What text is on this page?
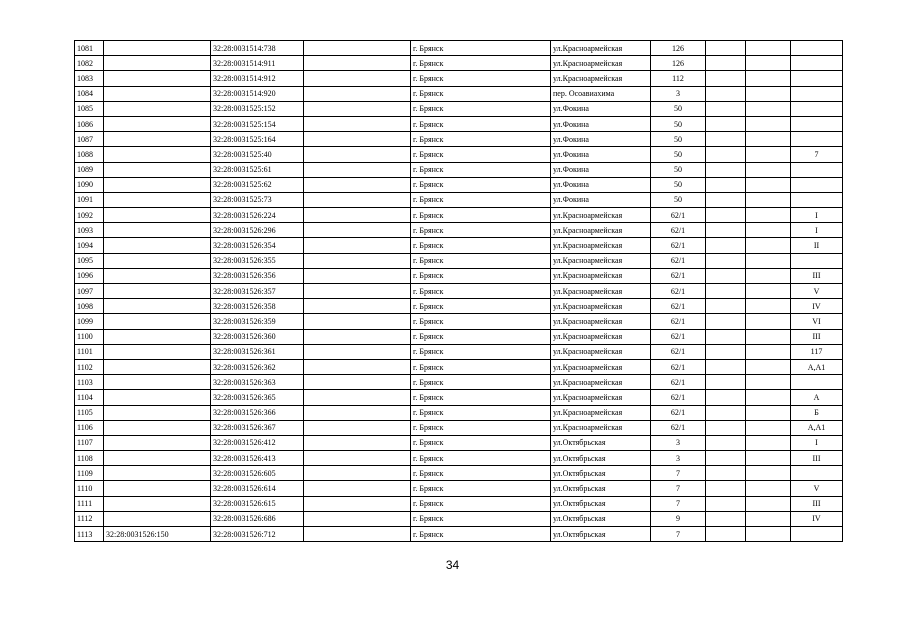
1081		32:28:0031514:738		г. Брянск	ул.Красноармейская	126			
1082		32:28:0031514:911		г. Брянск	ул.Красноармейская	126			
1083		32:28:0031514:912		г. Брянск	ул.Красноармейская	112			
1084		32:28:0031514:920		г. Брянск	пер. Осоавиахима	3			
1085		32:28:0031525:152		г. Брянск	ул.Фокина	50			
1086		32:28:0031525:154		г. Брянск	ул.Фокина	50			
1087		32:28:0031525:164		г. Брянск	ул.Фокина	50			
1088		32:28:0031525:40		г. Брянск	ул.Фокина	50			7
1089		32:28:0031525:61		г. Брянск	ул.Фокина	50			
1090		32:28:0031525:62		г. Брянск	ул.Фокина	50			
1091		32:28:0031525:73		г. Брянск	ул.Фокина	50			
1092		32:28:0031526:224		г. Брянск	ул.Красноармейская	62/1			I
1093		32:28:0031526:296		г. Брянск	ул.Красноармейская	62/1			I
1094		32:28:0031526:354		г. Брянск	ул.Красноармейская	62/1			II
1095		32:28:0031526:355		г. Брянск	ул.Красноармейская	62/1			
1096		32:28:0031526:356		г. Брянск	ул.Красноармейская	62/1			III
1097		32:28:0031526:357		г. Брянск	ул.Красноармейская	62/1			V
1098		32:28:0031526:358		г. Брянск	ул.Красноармейская	62/1			IV
1099		32:28:0031526:359		г. Брянск	ул.Красноармейская	62/1			VI
1100		32:28:0031526:360		г. Брянск	ул.Красноармейская	62/1			III
1101		32:28:0031526:361		г. Брянск	ул.Красноармейская	62/1			117
1102		32:28:0031526:362		г. Брянск	ул.Красноармейская	62/1			А,А1
1103		32:28:0031526:363		г. Брянск	ул.Красноармейская	62/1			
1104		32:28:0031526:365		г. Брянск	ул.Красноармейская	62/1			А
1105		32:28:0031526:366		г. Брянск	ул.Красноармейская	62/1			Б
1106		32:28:0031526:367		г. Брянск	ул.Красноармейская	62/1			А,А1
1107		32:28:0031526:412		г. Брянск	ул.Октябрьская	3			I
1108		32:28:0031526:413		г. Брянск	ул.Октябрьская	3			III
1109		32:28:0031526:605		г. Брянск	ул.Октябрьская	7			
1110		32:28:0031526:614		г. Брянск	ул.Октябрьская	7			V
1111		32:28:0031526:615		г. Брянск	ул.Октябрьская	7			III
1112		32:28:0031526:686		г. Брянск	ул.Октябрьская	9			IV
1113	32:28:0031526:150	32:28:0031526:712		г. Брянск	ул.Октябрьская	7			
34
